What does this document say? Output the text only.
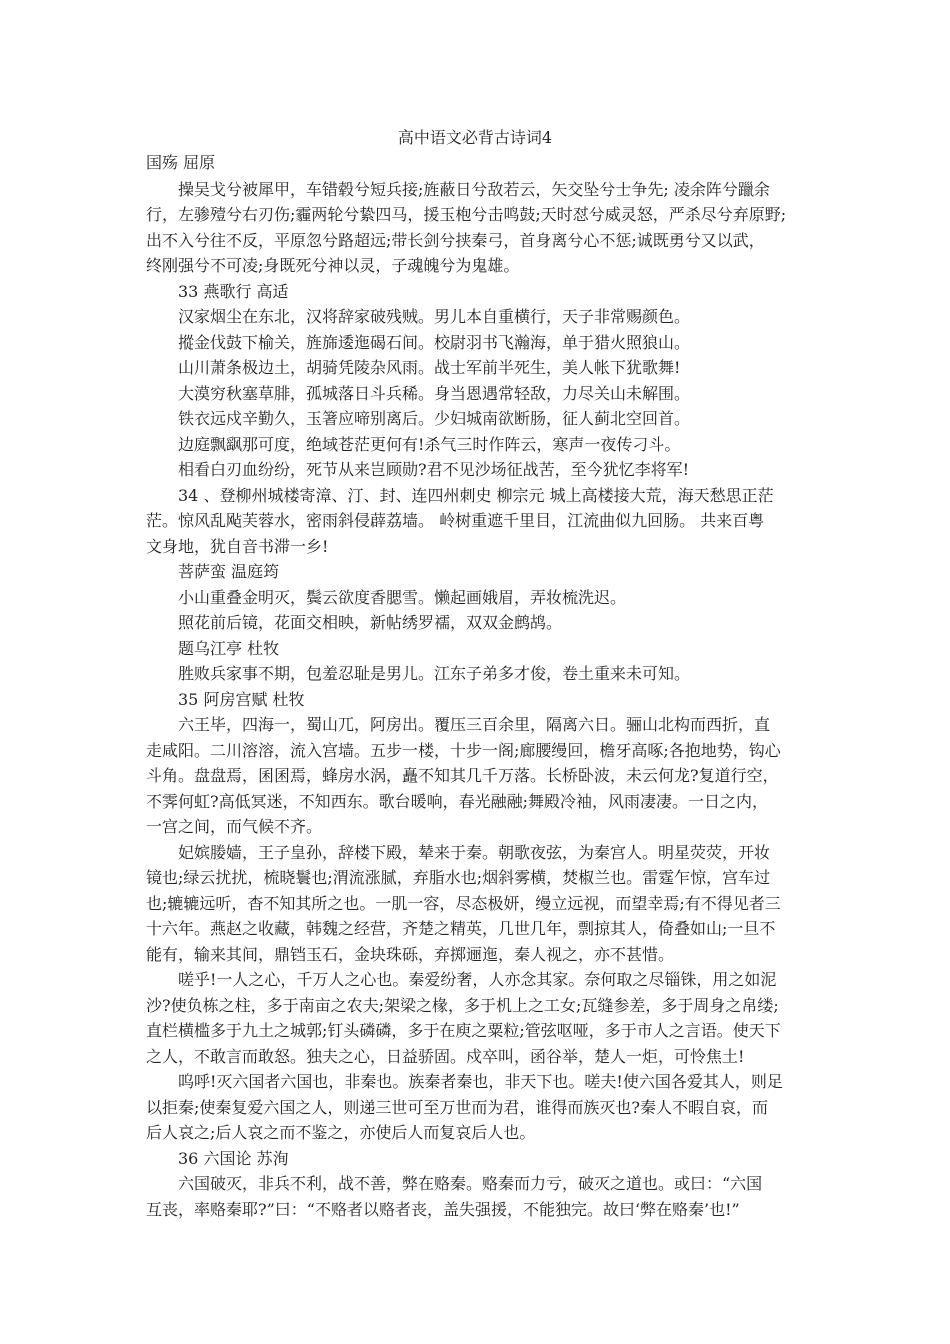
高中语文必背古诗词4
国殇 屈原
操吴戈兮被犀甲，车错毂兮短兵接;旌蔽日兮敌若云，矢交坠兮士争先; 凌余阵兮躐余
行，左骖殪兮右刃伤;霾两轮兮絷四马，援玉枹兮击鸣鼓;天时怼兮威灵怒，严杀尽兮弃原野;
出不入兮往不反，平原忽兮路超远;带长剑兮挟秦弓，首身离兮心不惩;诚既勇兮又以武，
终刚强兮不可凌;身既死兮神以灵，子魂魄兮为鬼雄。
33 燕歌行 高适
汉家烟尘在东北，汉将辞家破残贼。男儿本自重横行，天子非常赐颜色。
摐金伐鼓下榆关，旌旆逶迤碣石间。校尉羽书飞瀚海，单于猎火照狼山。
山川萧条极边土，胡骑凭陵杂风雨。战士军前半死生，美人帐下犹歌舞!
大漠穷秋塞草腓，孤城落日斗兵稀。身当恩遇常轻敌，力尽关山未解围。
铁衣远戍辛勤久，玉箸应啼别离后。少妇城南欲断肠，征人蓟北空回首。
边庭飘飖那可度，绝域苍茫更何有!杀气三时作阵云，寒声一夜传刁斗。
相看白刃血纷纷，死节从来岂顾勋?君不见沙场征战苦，至今犹忆李将军!
34 、登柳州城楼寄漳、汀、封、连四州刺史 柳宗元 城上高楼接大荒，海天愁思正茫
茫。惊风乱飐芙蓉水，密雨斜侵薜荔墙。 岭树重遮千里目，江流曲似九回肠。 共来百粤
文身地，犹自音书滞一乡!
菩萨蛮 温庭筠
小山重叠金明灭，鬓云欲度香腮雪。懒起画娥眉，弄妆梳洗迟。
照花前后镜，花面交相映，新帖绣罗襦，双双金鹧鸪。
题乌江亭 杜牧
胜败兵家事不期，包羞忍耻是男儿。江东子弟多才俊，卷土重来未可知。
35 阿房宫赋 杜牧
六王毕，四海一，蜀山兀，阿房出。覆压三百余里，隔离六日。骊山北构而西折，直
走咸阳。二川溶溶，流入宫墙。五步一楼，十步一阁;廊腰缦回，檐牙高啄;各抱地势，钩心
斗角。盘盘焉，囷囷焉，蜂房水涡，矗不知其几千万落。长桥卧波，未云何龙?复道行空，
不霁何虹?高低冥迷，不知西东。歌台暖响，春光融融;舞殿冷袖，风雨凄凄。一日之内，
一宫之间，而气候不齐。
妃嫔媵嫱，王子皇孙，辞楼下殿，辇来于秦。朝歌夜弦，为秦宫人。明星荧荧，开妆
镜也;绿云扰扰，梳晓鬟也;渭流涨腻，弃脂水也;烟斜雾横，焚椒兰也。雷霆乍惊，宫车过
也;辘辘远听，杳不知其所之也。一肌一容，尽态极妍，缦立远视，而望幸焉;有不得见者三
十六年。燕赵之收藏，韩魏之经营，齐楚之精英，几世几年，剽掠其人，倚叠如山;一旦不
能有，输来其间，鼎铛玉石，金块珠砾，弃掷逦迤，秦人视之，亦不甚惜。
嗟乎!一人之心，千万人之心也。秦爱纷奢，人亦念其家。奈何取之尽锱铢，用之如泥
沙?使负栋之柱，多于南亩之农夫;架梁之椽，多于机上之工女;瓦缝参差，多于周身之帛缕;
直栏横槛多于九土之城郭;钉头磷磷，多于在庾之粟粒;管弦呕哑，多于市人之言语。使天下
之人，不敢言而敢怒。独夫之心，日益骄固。戍卒叫，函谷举，楚人一炬，可怜焦土!
呜呼!灭六国者六国也，非秦也。族秦者秦也，非天下也。嗟夫!使六国各爱其人，则足
以拒秦;使秦复爱六国之人，则递三世可至万世而为君，谁得而族灭也?秦人不暇自哀，而
后人哀之;后人哀之而不鉴之，亦使后人而复哀后人也。
36 六国论 苏洵
六国破灭，非兵不利，战不善，弊在赂秦。赂秦而力亏，破灭之道也。或曰：“六国
互丧，率赂秦耶?”曰：“不赂者以赂者丧，盖失强援，不能独完。故曰‘弊在赂秦’也!”
